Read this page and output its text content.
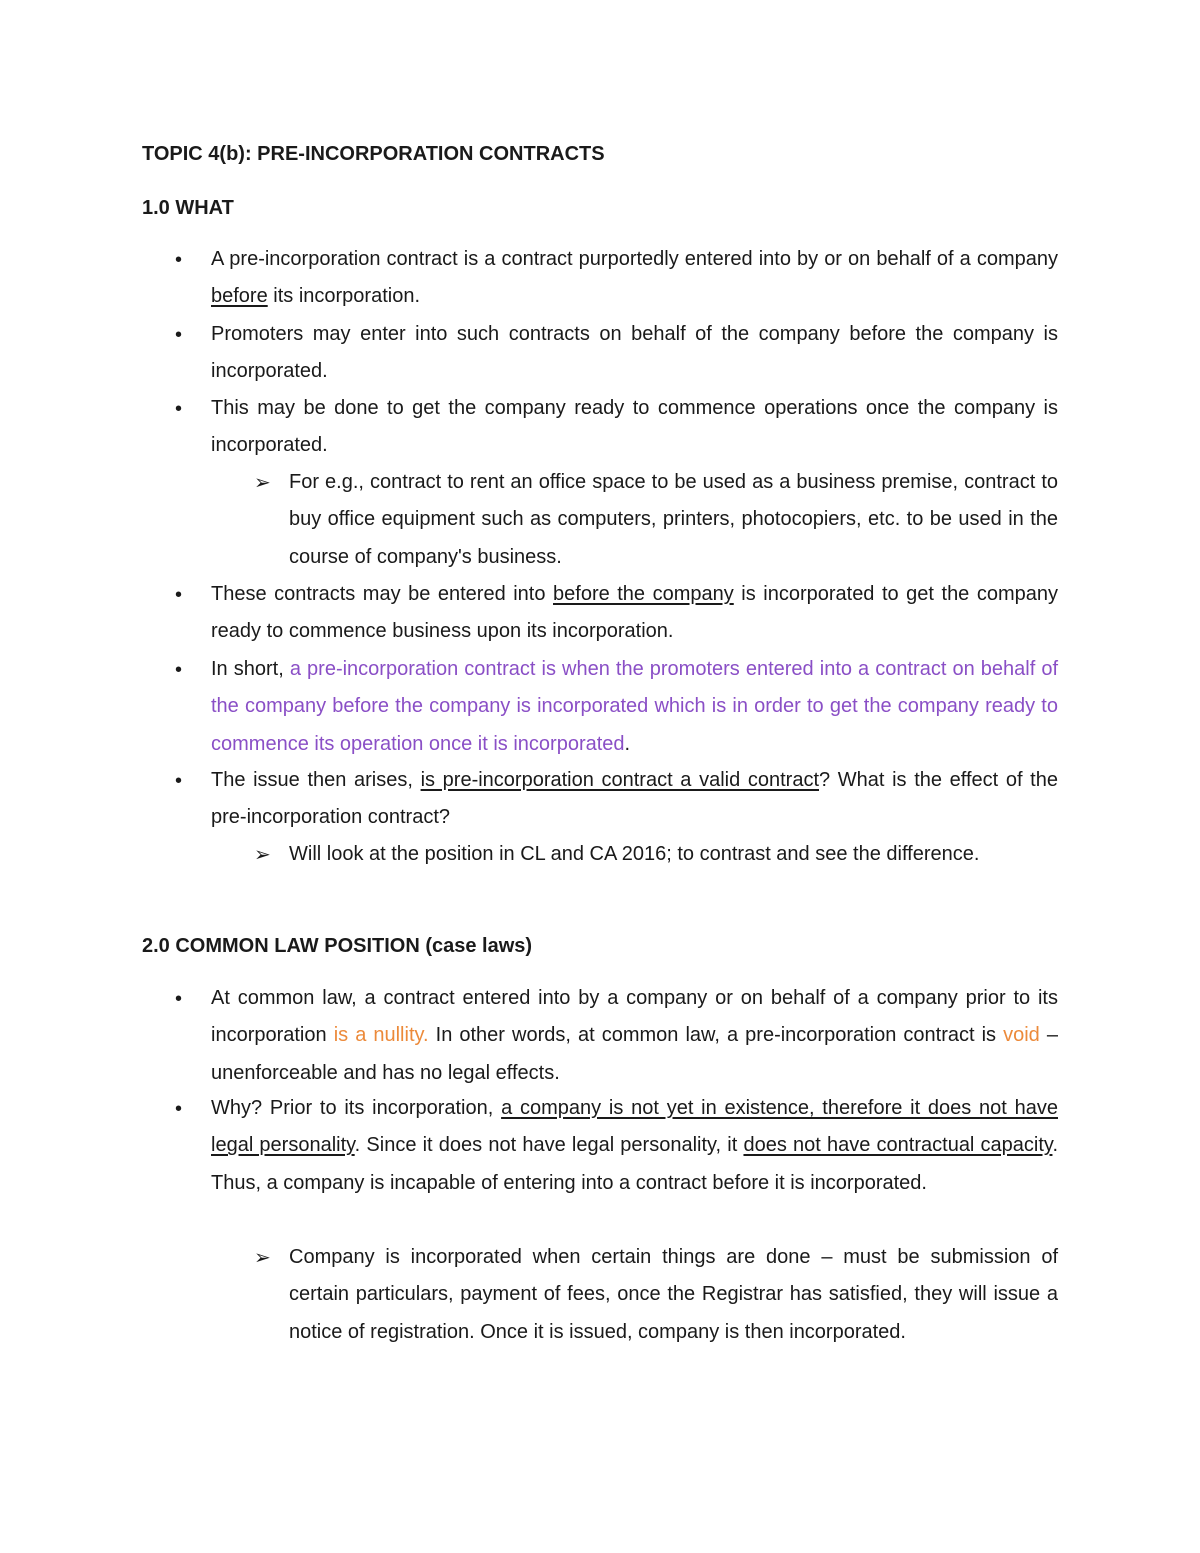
TOPIC 4(b): PRE-INCORPORATION CONTRACTS
1.0 WHAT
• A pre-incorporation contract is a contract purportedly entered into by or on behalf of a company before its incorporation.
• Promoters may enter into such contracts on behalf of the company before the company is incorporated.
• This may be done to get the company ready to commence operations once the company is incorporated.
➢ For e.g., contract to rent an office space to be used as a business premise, contract to buy office equipment such as computers, printers, photocopiers, etc. to be used in the course of company's business.
• These contracts may be entered into before the company is incorporated to get the company ready to commence business upon its incorporation.
• In short, a pre-incorporation contract is when the promoters entered into a contract on behalf of the company before the company is incorporated which is in order to get the company ready to commence its operation once it is incorporated.
• The issue then arises, is pre-incorporation contract a valid contract? What is the effect of the pre-incorporation contract?
➢ Will look at the position in CL and CA 2016; to contrast and see the difference.
2.0 COMMON LAW POSITION (case laws)
• At common law, a contract entered into by a company or on behalf of a company prior to its incorporation is a nullity. In other words, at common law, a pre-incorporation contract is void – unenforceable and has no legal effects.
• Why? Prior to its incorporation, a company is not yet in existence, therefore it does not have legal personality. Since it does not have legal personality, it does not have contractual capacity. Thus, a company is incapable of entering into a contract before it is incorporated.
➢ Company is incorporated when certain things are done – must be submission of certain particulars, payment of fees, once the Registrar has satisfied, they will issue a notice of registration. Once it is issued, company is then incorporated.
